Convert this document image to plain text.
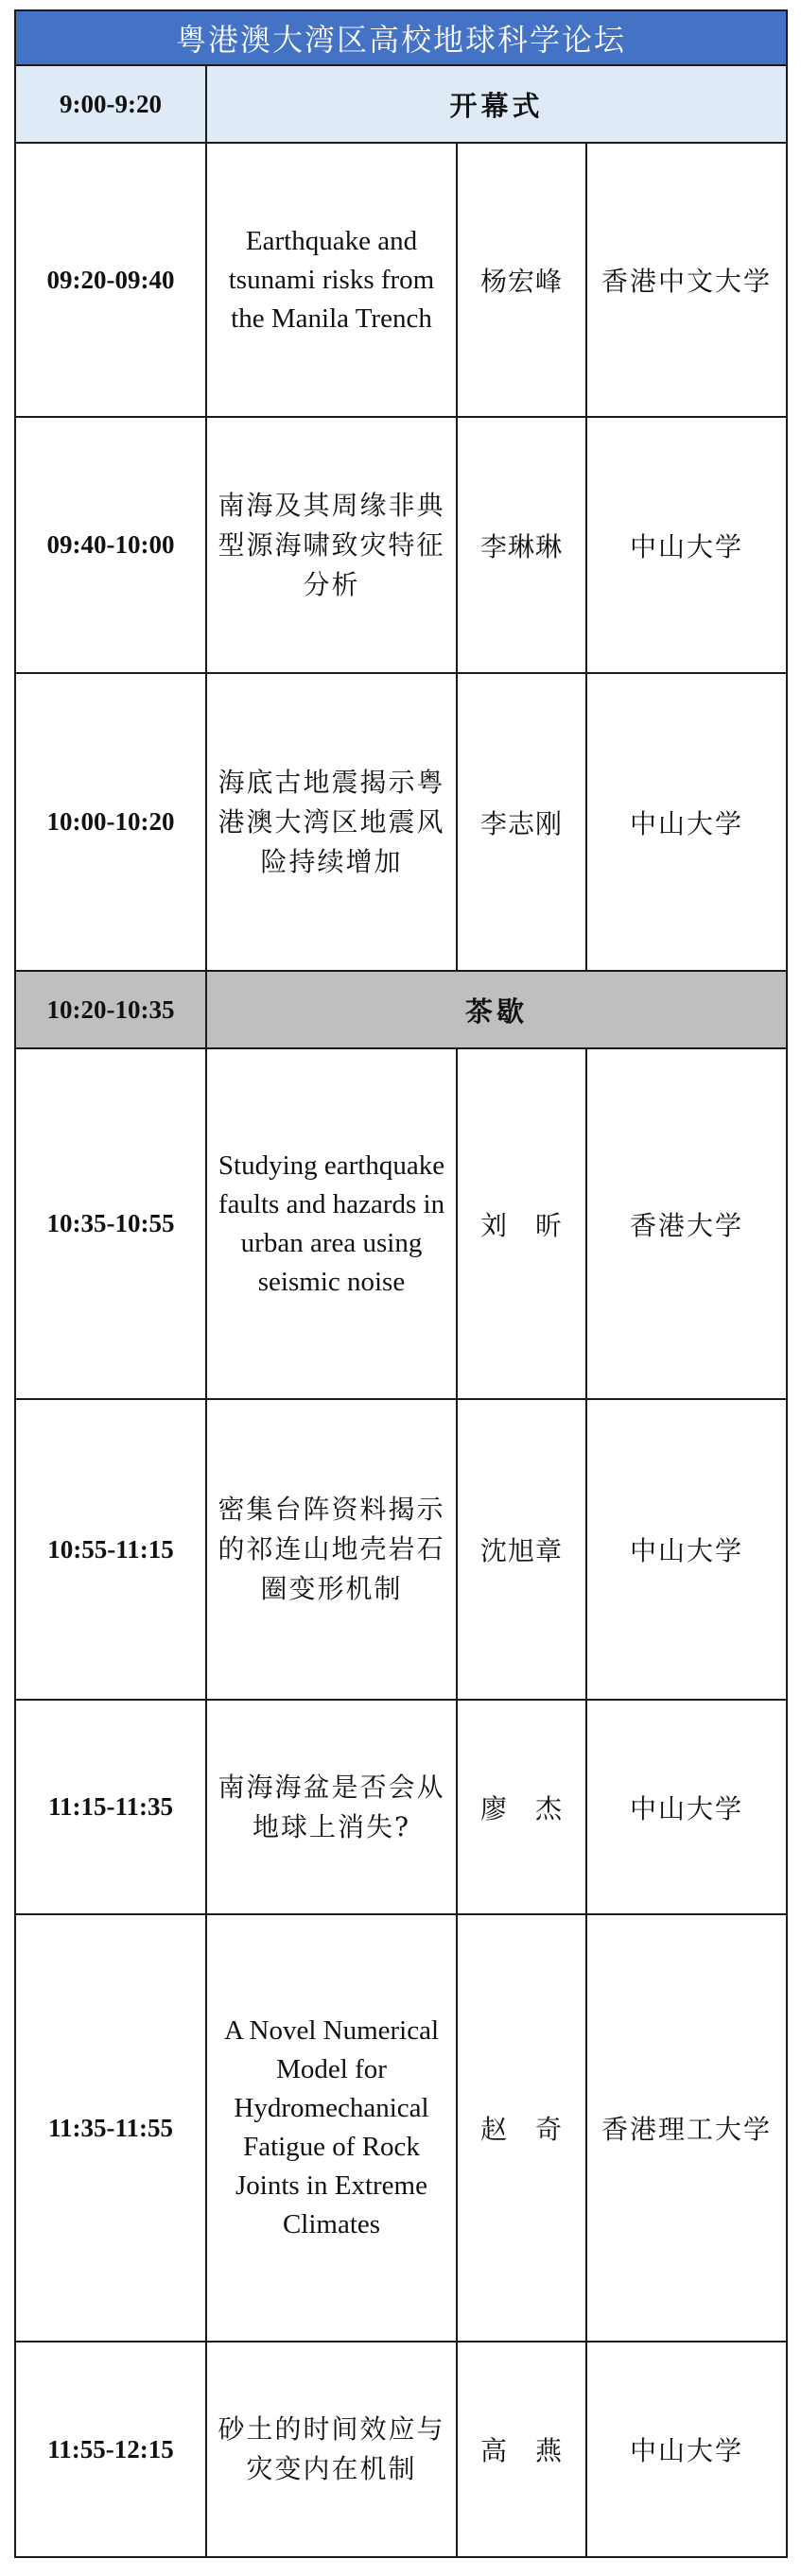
粤港澳大湾区高校地球科学论坛			
9:00-9:20	开幕式		
09:20-09:40	Earthquake and tsunami risks from the Manila Trench	杨宏峰	香港中文大学
09:40-10:00	南海及其周缘非典型源海啸致灾特征分析	李琳琳	中山大学
10:00-10:20	海底古地震揭示粤港澳大湾区地震风险持续增加	李志刚	中山大学
10:20-10:35	茶歇		
10:35-10:55	Studying earthquake faults and hazards in urban area using seismic noise	刘　昕	香港大学
10:55-11:15	密集台阵资料揭示的祁连山地壳岩石圈变形机制	沈旭章	中山大学
11:15-11:35	南海海盆是否会从地球上消失?	廖　杰	中山大学
11:35-11:55	A Novel Numerical Model for Hydromechanical Fatigue of Rock Joints in Extreme Climates	赵　奇	香港理工大学
11:55-12:15	砂土的时间效应与灾变内在机制	高　燕	中山大学
